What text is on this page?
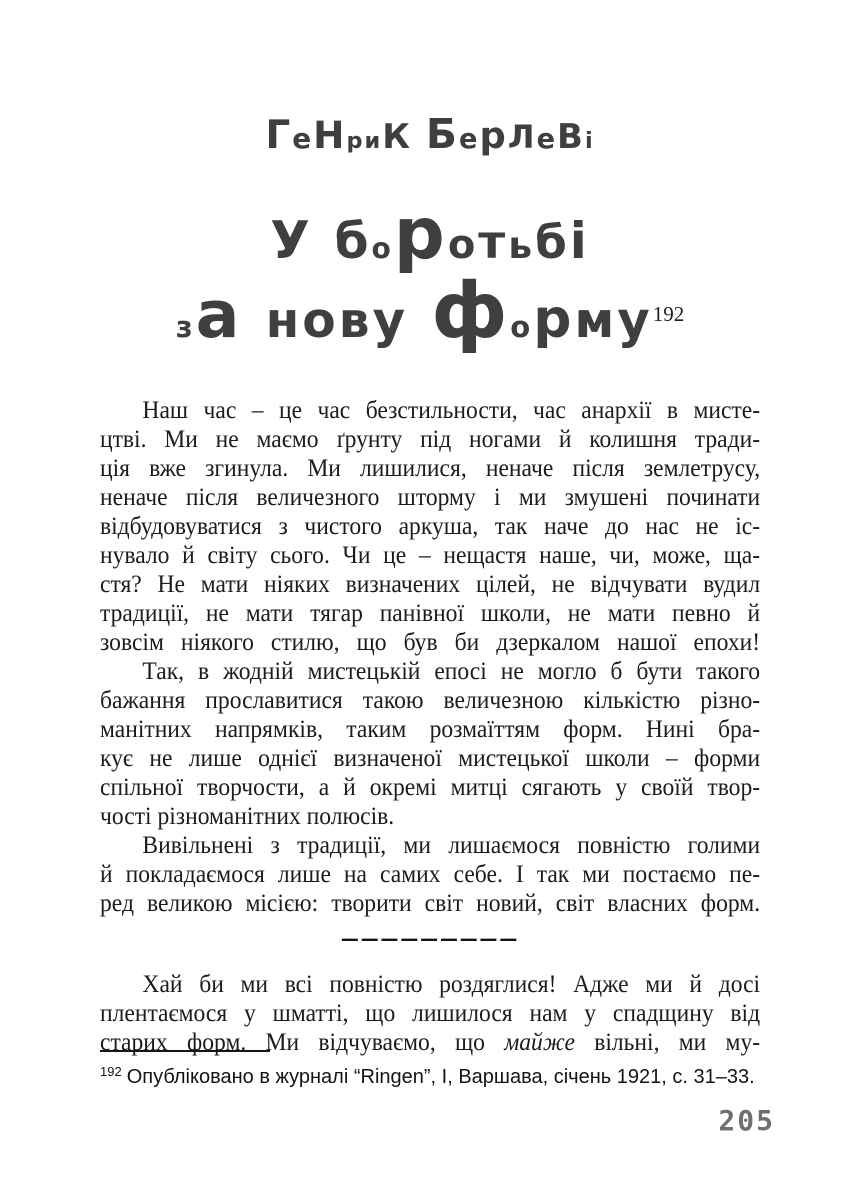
ГеНриК БерЛеВі
У боротьбі
за нову форму$^{192}$
Наш час – це час безстильности, час анархії в мисте-
цтві. Ми не маємо ґрунту під ногами й колишня тради-
ція вже згинула. Ми лишилися, неначе після землетрусу,
неначе після величезного шторму і ми змушені починати
відбудовуватися з чистого аркуша, так наче до нас не іс-
нувало й світу сього. Чи це – нещастя наше, чи, може, ща-
стя? Не мати ніяких визначених цілей, не відчувати вудил
традиції, не мати тягар панівної школи, не мати певно й
зовсім ніякого стилю, що був би дзеркалом нашої епохи!
Так, в жодній мистецькій епосі не могло б бути такого
бажання прославитися такою величезною кількістю різно-
манітних напрямків, таким розмаїттям форм. Нині бра-
кує не лише однієї визначеної мистецької школи – форми
спільної творчости, а й окремі митці сягають у своїй твор-
чості різноманітних полюсів.
Вивільнені з традиції, ми лишаємося повністю голими
й покладаємося лише на самих себе. І так ми постаємо пе-
ред великою місією: творити світ новий, світ власних форм.
—————————
Хай би ми всі повністю роздяглися! Адже ми й досі
плентаємося у шматті, що лишилося нам у спадщину від
старих форм. Ми відчуваємо, що майже вільні, ми му-
$^{192}$ Опубліковано в журналі “Ringen”, I, Варшава, січень 1921, с. 31–33.
205
